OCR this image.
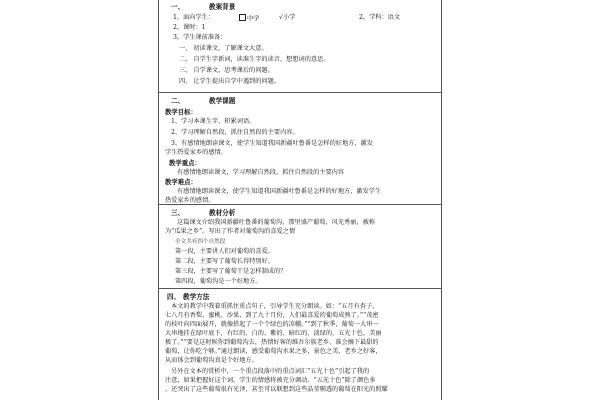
一、	教案背景
1，面向学生：	中学	√小学	2，学科：语文
2，课时：1
3，学生课前准备：
一、 初读课文，了解课文大意。
二、 自学生字新词，读准生字的读音，想想词的意思。
三、 自学课文，思考课后的问题。
四、 让学生提出自学中遇到的问题。
二、	教学课题
教学目标：
1、学习本课生字，积累词语。
2、学习理解自然段，抓住自然段的主要内容。
3、有感情地朗读课文，使学生知道我国新疆吐鲁番是怎样的好地方，激发
学生热爱家乡的感情。
教学重点：
有感情地朗读课文，学习理解自然段，抓住自然段的主要内容
教学难点：
有感情地朗读课文，使学生知道我国新疆吐鲁番是怎样的好地方，激发学生
热爱家乡的感情。
三、	教材分析
这篇课文介绍我国新疆吐鲁番的葡萄沟，那里盛产葡萄，风光秀丽，被称
为“瓜果之乡”。写出了作者对葡萄沟的喜爱之情
全文共有四个自然段
第一段，主要讲人们对葡萄的喜爱。
第二段，主要写了葡萄长得特别好。
第三段，主要写了葡萄干是怎样制成的？
第四段，葡萄沟是一个好地方。
四、 教学方法
本文的教学中我着重抓住重点句子，引导学生充分朗读。如：“五月有杏子，
七八月有香梨、蜜桃、沙果，到了九十月份，人们最喜爱的葡萄成熟了。”“茂密
的枝叶向四面展开，就像搭起了一个个绿色的凉棚。”“到了秋季，葡萄一大串一
大串地挂在绿叶底下，有红的、白的、紫的、暗红的、淡绿的，五光十色，美丽
极了。”“要是这时候你到葡萄沟去，热情好客的维吾尔族老乡，准会摘下最甜的
葡萄，让你吃个够。”通过朗读，感受葡萄沟水果之多，景色之美，老乡之好客，
从而体会到葡萄沟真是个好地方。
另外在文本的赏析中，一个重点段落中的重点词汇“五光十色”引起了我的
注意，如果把握好这个词，学生的情感将被充分调动。“五光十色”除了颜色多
，还突出了这些葡萄很有光泽，甚至可以联想到这些晶莹剔透的葡萄在阳光的照耀
